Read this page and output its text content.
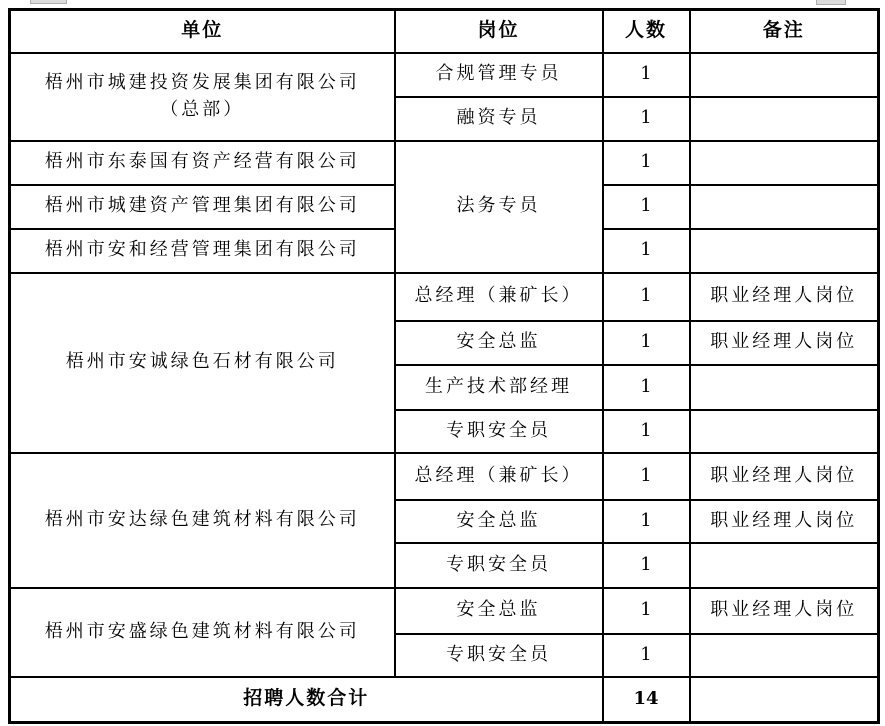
单位	岗位	人数	备注

梧州市城建投资发展集团有限公司
（总部）	合规管理专员	1	
	融资专员	1	
梧州市东泰国有资产经营有限公司	法务专员	1	
梧州市城建资产管理集团有限公司		1	
梧州市安和经营管理集团有限公司		1	
梧州市安诚绿色石材有限公司	总经理（兼矿长）	1	职业经理人岗位
	安全总监	1	职业经理人岗位
	生产技术部经理	1	
	专职安全员	1	
梧州市安达绿色建筑材料有限公司	总经理（兼矿长）	1	职业经理人岗位
	安全总监	1	职业经理人岗位
	专职安全员	1	
梧州市安盛绿色建筑材料有限公司	安全总监	1	职业经理人岗位
	专职安全员	1	
招聘人数合计		14	
